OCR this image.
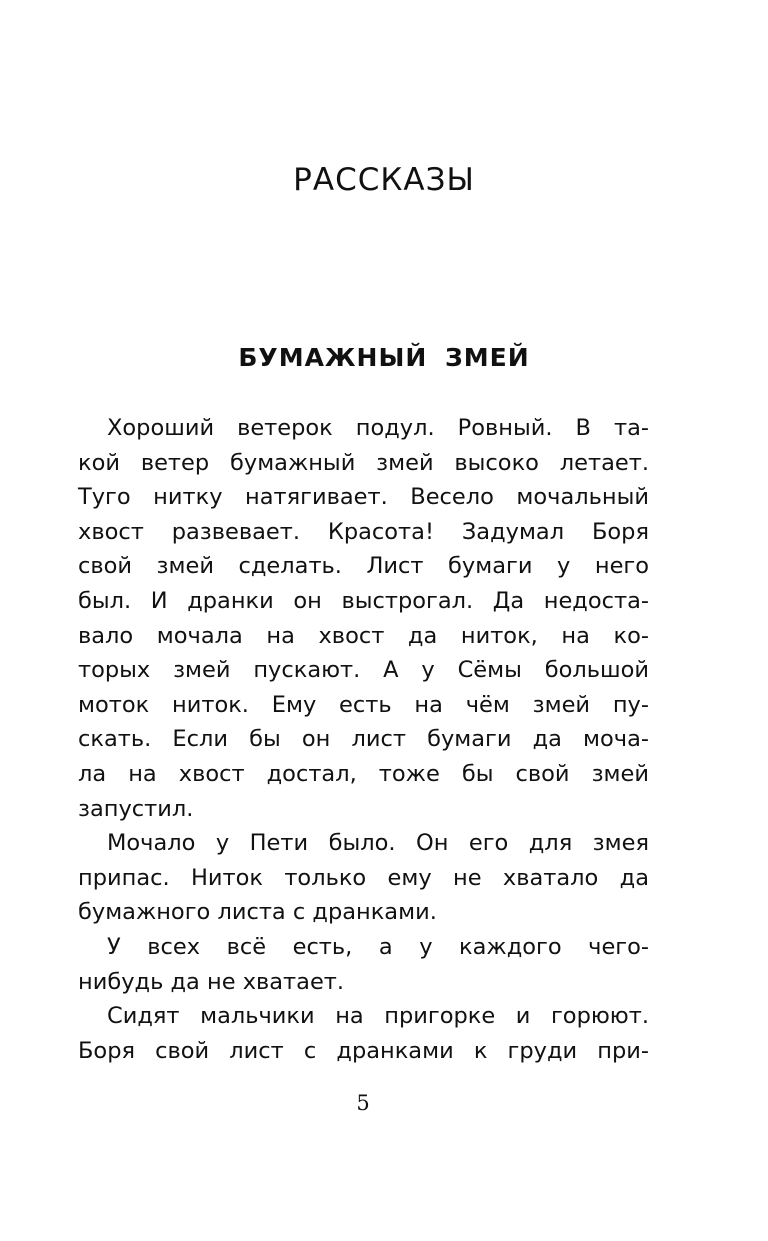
РАССКАЗЫ
БУМАЖНЫЙ ЗМЕЙ
Хороший ветерок подул. Ровный. В та-
кой ветер бумажный змей высоко летает.
Туго нитку натягивает. Весело мочальный
хвост развевает. Красота! Задумал Боря
свой змей сделать. Лист бумаги у него
был. И дранки он выстрогал. Да недоста-
вало мочала на хвост да ниток, на ко-
торых змей пускают. А у Сёмы большой
моток ниток. Ему есть на чём змей пу-
скать. Если бы он лист бумаги да моча-
ла на хвост достал, тоже бы свой змей
запустил.
Мочало у Пети было. Он его для змея
припас. Ниток только ему не хватало да
бумажного листа с дранками.
У всех всё есть, а у каждого чего-
нибудь да не хватает.
Сидят мальчики на пригорке и горюют.
Боря свой лист с дранками к груди при-
5
